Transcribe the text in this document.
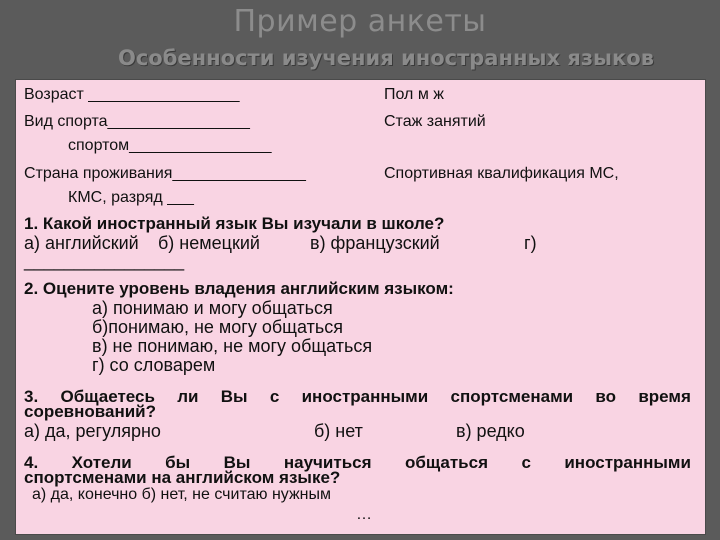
Пример анкеты
Особенности изучения иностранных языков
Возраст _________________	Пол м ж
Вид спорта________________	Стаж занятий
спортом________________
Страна проживания_______________	Спортивная квалификация МС,
КМС, разряд ___
1. Какой иностранный язык Вы изучали в школе?
а) английский б) немецкий	в) французский	г)
________________
2. Оцените уровень владения английским языком:
а) понимаю и могу общаться
б)понимаю, не могу общаться
в) не понимаю, не могу общаться
г) со словарем
3. Общаетесь ли Вы с иностранными спортсменами во время
соревнований?
а) да, регулярно	б) нет	в) редко
4. Хотели бы Вы научиться общаться с иностранными
спортсменами на английском языке?
а) да, конечно б) нет, не считаю нужным
…
